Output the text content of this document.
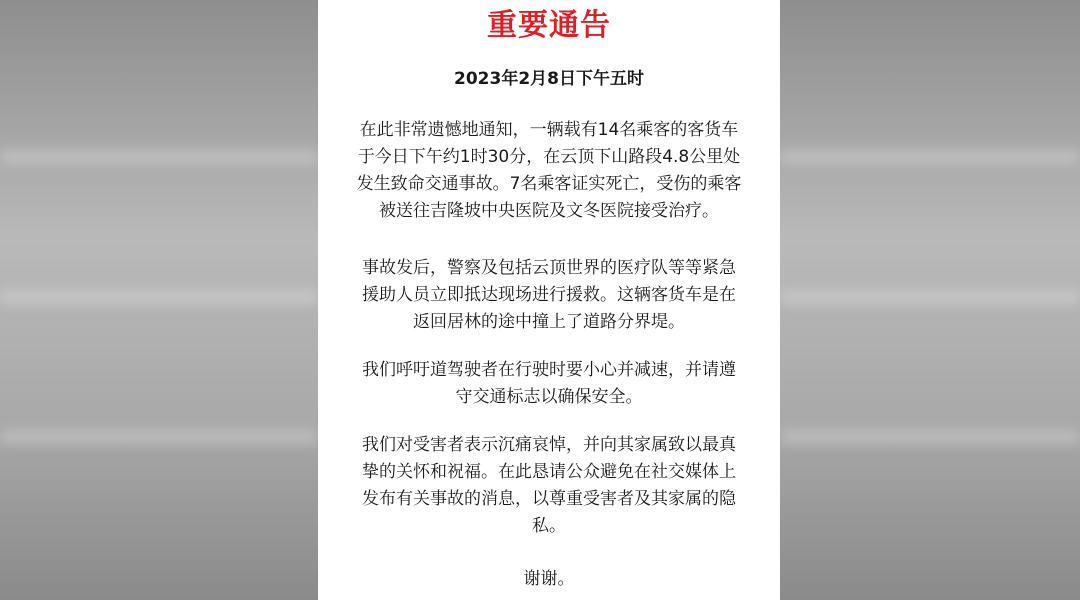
重要通告

2023年2月8日下午五时

在此非常遗憾地通知，一辆载有14名乘客的客货车
于今日下午约1时30分，在云顶下山路段4.8公里处
发生致命交通事故。7名乘客证实死亡，受伤的乘客
被送往吉隆坡中央医院及文冬医院接受治疗。

事故发后，警察及包括云顶世界的医疗队等等紧急
援助人员立即抵达现场进行援救。这辆客货车是在
返回居林的途中撞上了道路分界堤。

我们呼吁道驾驶者在行驶时要小心并减速，并请遵
守交通标志以确保安全。

我们对受害者表示沉痛哀悼，并向其家属致以最真
挚的关怀和祝福。在此恳请公众避免在社交媒体上
发布有关事故的消息，以尊重受害者及其家属的隐
私。

谢谢。
